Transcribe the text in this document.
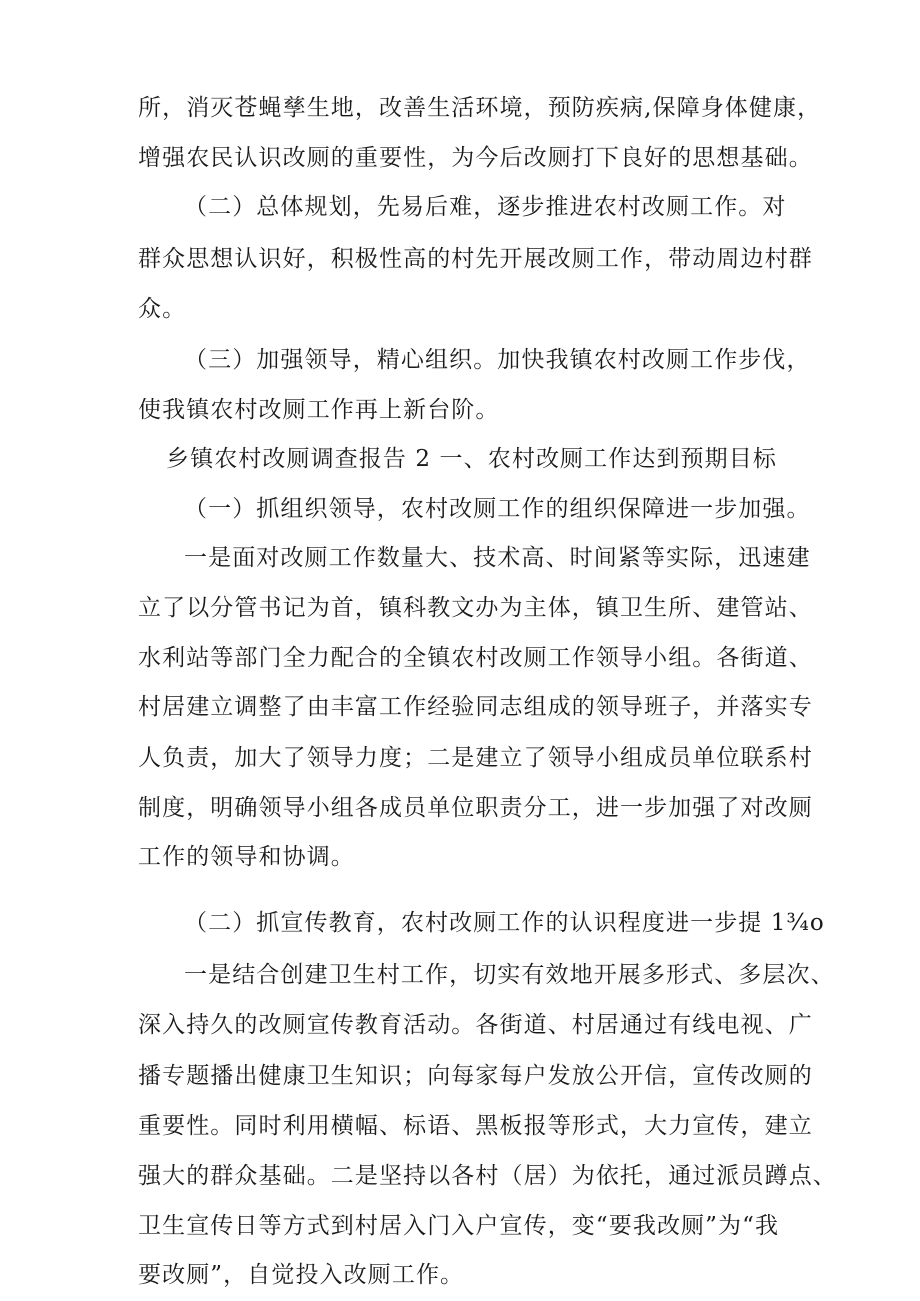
所，消灭苍蝇孳生地，改善生活环境，预防疾病,保障身体健康，
增强农民认识改厕的重要性，为今后改厕打下良好的思想基础。
（二）总体规划，先易后难，逐步推进农村改厕工作。对
群众思想认识好，积极性高的村先开展改厕工作，带动周边村群
众。
（三）加强领导，精心组织。加快我镇农村改厕工作步伐，
使我镇农村改厕工作再上新台阶。
乡镇农村改厕调查报告 2 一、农村改厕工作达到预期目标
（一）抓组织领导，农村改厕工作的组织保障进一步加强。
一是面对改厕工作数量大、技术高、时间紧等实际，迅速建
立了以分管书记为首，镇科教文办为主体，镇卫生所、建管站、
水利站等部门全力配合的全镇农村改厕工作领导小组。各街道、
村居建立调整了由丰富工作经验同志组成的领导班子，并落实专
人负责，加大了领导力度；二是建立了领导小组成员单位联系村
制度，明确领导小组各成员单位职责分工，进一步加强了对改厕
工作的领导和协调。
（二）抓宣传教育，农村改厕工作的认识程度进一步提 1¾o
一是结合创建卫生村工作，切实有效地开展多形式、多层次、
深入持久的改厕宣传教育活动。各街道、村居通过有线电视、广
播专题播出健康卫生知识；向每家每户发放公开信，宣传改厕的
重要性。同时利用横幅、标语、黑板报等形式，大力宣传，建立
强大的群众基础。二是坚持以各村（居）为依托，通过派员蹲点、
卫生宣传日等方式到村居入门入户宣传，变“要我改厕”为“我
要改厕”，自觉投入改厕工作。
